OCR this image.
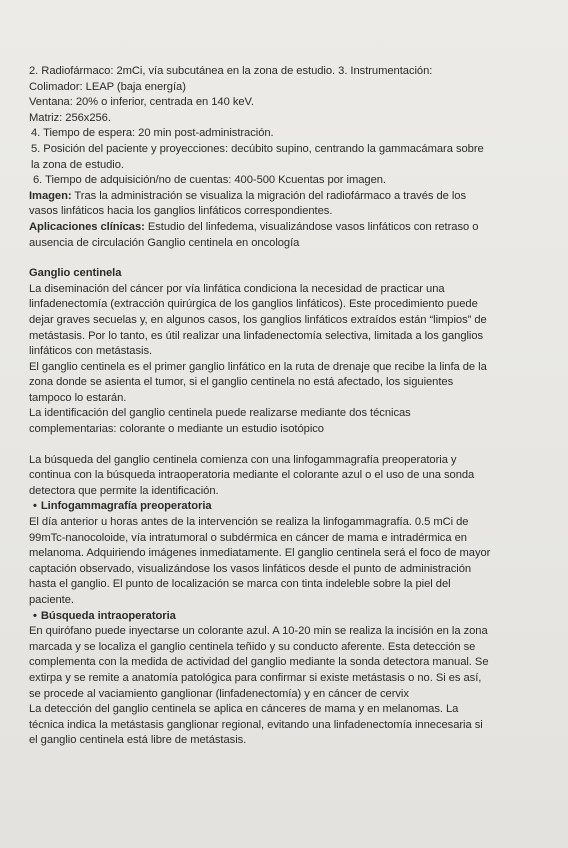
2. Radiofármaco: 2mCi, vía subcutánea en la zona de estudio. 3. Instrumentación:

Colimador: LEAP (baja energía)

Ventana: 20% o inferior, centrada en 140 keV.

Matriz: 256x256.

4. Tiempo de espera: 20 min post-administración.

5. Posición del paciente y proyecciones: decúbito supino, centrando la gammacámara sobre la zona de estudio.

6. Tiempo de adquisición/no de cuentas: 400-500 Kcuentas por imagen.

Imagen: Tras la administración se visualiza la migración del radiofármaco a través de los vasos linfáticos hacia los ganglios linfáticos correspondientes.

Aplicaciones clínicas: Estudio del linfedema, visualizándose vasos linfáticos con retraso o ausencia de circulación Ganglio centinela en oncología

Ganglio centinela

La diseminación del cáncer por vía linfática condiciona la necesidad de practicar una linfadenectomía (extracción quirúrgica de los ganglios linfáticos). Este procedimiento puede dejar graves secuelas y, en algunos casos, los ganglios linfáticos extraídos están “limpios” de metástasis. Por lo tanto, es útil realizar una linfadenectomía selectiva, limitada a los ganglios linfáticos con metástasis.

El ganglio centinela es el primer ganglio linfático en la ruta de drenaje que recibe la linfa de la zona donde se asienta el tumor, si el ganglio centinela no está afectado, los siguientes tampoco lo estarán.

La identificación del ganglio centinela puede realizarse mediante dos técnicas complementarias: colorante o mediante un estudio isotópico

La búsqueda del ganglio centinela comienza con una linfogammagrafía preoperatoria y continua con la búsqueda intraoperatoria mediante el colorante azul o el uso de una sonda detectora que permite la identificación.

• Linfogammagrafía preoperatoria

El día anterior u horas antes de la intervención se realiza la linfogammagrafía. 0.5 mCi de 99mTc-nanocoloide, vía intratumoral o subdérmica en cáncer de mama e intradérmica en melanoma. Adquiriendo imágenes inmediatamente. El ganglio centinela será el foco de mayor captación observado, visualizándose los vasos linfáticos desde el punto de administración hasta el ganglio. El punto de localización se marca con tinta indeleble sobre la piel del paciente.

• Búsqueda intraoperatoria

En quirófano puede inyectarse un colorante azul. A 10-20 min se realiza la incisión en la zona marcada y se localiza el ganglio centinela teñido y su conducto aferente. Esta detección se complementa con la medida de actividad del ganglio mediante la sonda detectora manual. Se extirpa y se remite a anatomía patológica para confirmar si existe metástasis o no. Si es así, se procede al vaciamiento ganglionar (linfadenectomía) y en cáncer de cervix

La detección del ganglio centinela se aplica en cánceres de mama y en melanomas. La técnica indica la metástasis ganglionar regional, evitando una linfadenectomía innecesaria si el ganglio centinela está libre de metástasis.
